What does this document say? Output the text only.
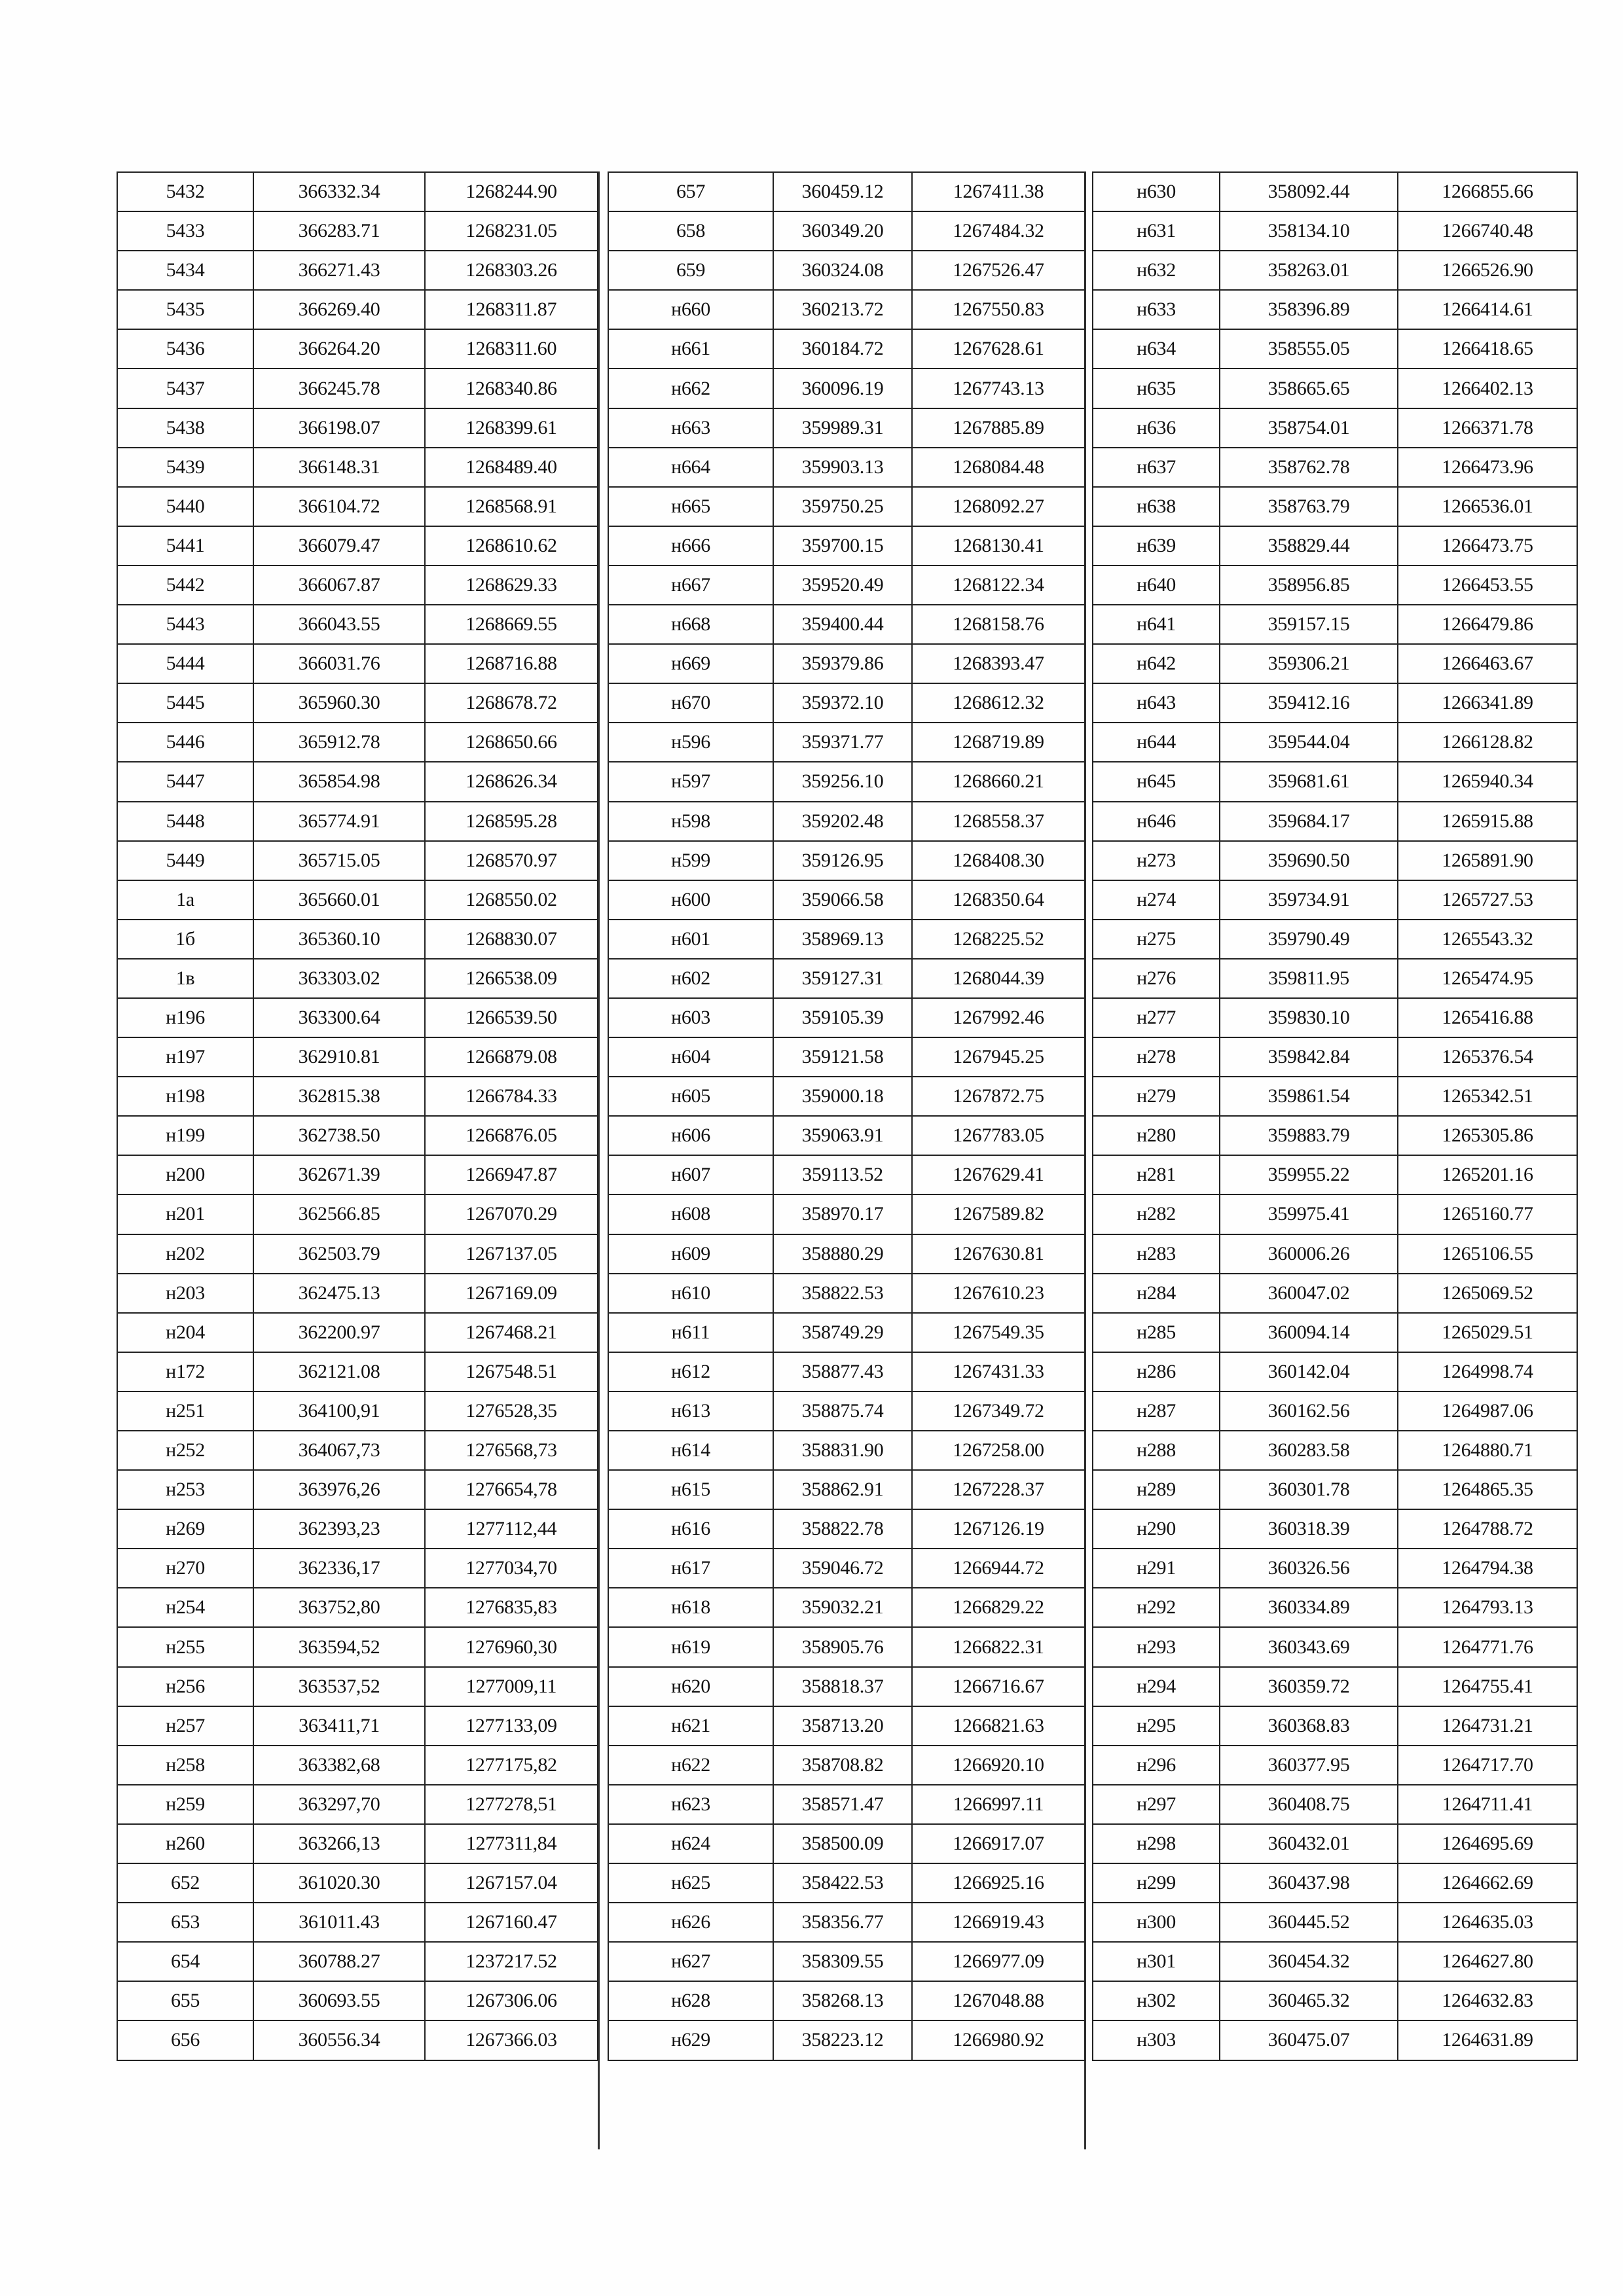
5432	366332.34	1268244.90
5433	366283.71	1268231.05
5434	366271.43	1268303.26
5435	366269.40	1268311.87
5436	366264.20	1268311.60
5437	366245.78	1268340.86
5438	366198.07	1268399.61
5439	366148.31	1268489.40
5440	366104.72	1268568.91
5441	366079.47	1268610.62
5442	366067.87	1268629.33
5443	366043.55	1268669.55
5444	366031.76	1268716.88
5445	365960.30	1268678.72
5446	365912.78	1268650.66
5447	365854.98	1268626.34
5448	365774.91	1268595.28
5449	365715.05	1268570.97
1а	365660.01	1268550.02
1б	365360.10	1268830.07
1в	363303.02	1266538.09
н196	363300.64	1266539.50
н197	362910.81	1266879.08
н198	362815.38	1266784.33
н199	362738.50	1266876.05
н200	362671.39	1266947.87
н201	362566.85	1267070.29
н202	362503.79	1267137.05
н203	362475.13	1267169.09
н204	362200.97	1267468.21
н172	362121.08	1267548.51
н251	364100,91	1276528,35
н252	364067,73	1276568,73
н253	363976,26	1276654,78
н269	362393,23	1277112,44
н270	362336,17	1277034,70
н254	363752,80	1276835,83
н255	363594,52	1276960,30
н256	363537,52	1277009,11
н257	363411,71	1277133,09
н258	363382,68	1277175,82
н259	363297,70	1277278,51
н260	363266,13	1277311,84
652	361020.30	1267157.04
653	361011.43	1267160.47
654	360788.27	1237217.52
655	360693.55	1267306.06
656	360556.34	1267366.03
657	360459.12	1267411.38
658	360349.20	1267484.32
659	360324.08	1267526.47
н660	360213.72	1267550.83
н661	360184.72	1267628.61
н662	360096.19	1267743.13
н663	359989.31	1267885.89
н664	359903.13	1268084.48
н665	359750.25	1268092.27
н666	359700.15	1268130.41
н667	359520.49	1268122.34
н668	359400.44	1268158.76
н669	359379.86	1268393.47
н670	359372.10	1268612.32
н596	359371.77	1268719.89
н597	359256.10	1268660.21
н598	359202.48	1268558.37
н599	359126.95	1268408.30
н600	359066.58	1268350.64
н601	358969.13	1268225.52
н602	359127.31	1268044.39
н603	359105.39	1267992.46
н604	359121.58	1267945.25
н605	359000.18	1267872.75
н606	359063.91	1267783.05
н607	359113.52	1267629.41
н608	358970.17	1267589.82
н609	358880.29	1267630.81
н610	358822.53	1267610.23
н611	358749.29	1267549.35
н612	358877.43	1267431.33
н613	358875.74	1267349.72
н614	358831.90	1267258.00
н615	358862.91	1267228.37
н616	358822.78	1267126.19
н617	359046.72	1266944.72
н618	359032.21	1266829.22
н619	358905.76	1266822.31
н620	358818.37	1266716.67
н621	358713.20	1266821.63
н622	358708.82	1266920.10
н623	358571.47	1266997.11
н624	358500.09	1266917.07
н625	358422.53	1266925.16
н626	358356.77	1266919.43
н627	358309.55	1266977.09
н628	358268.13	1267048.88
н629	358223.12	1266980.92
н630	358092.44	1266855.66
н631	358134.10	1266740.48
н632	358263.01	1266526.90
н633	358396.89	1266414.61
н634	358555.05	1266418.65
н635	358665.65	1266402.13
н636	358754.01	1266371.78
н637	358762.78	1266473.96
н638	358763.79	1266536.01
н639	358829.44	1266473.75
н640	358956.85	1266453.55
н641	359157.15	1266479.86
н642	359306.21	1266463.67
н643	359412.16	1266341.89
н644	359544.04	1266128.82
н645	359681.61	1265940.34
н646	359684.17	1265915.88
н273	359690.50	1265891.90
н274	359734.91	1265727.53
н275	359790.49	1265543.32
н276	359811.95	1265474.95
н277	359830.10	1265416.88
н278	359842.84	1265376.54
н279	359861.54	1265342.51
н280	359883.79	1265305.86
н281	359955.22	1265201.16
н282	359975.41	1265160.77
н283	360006.26	1265106.55
н284	360047.02	1265069.52
н285	360094.14	1265029.51
н286	360142.04	1264998.74
н287	360162.56	1264987.06
н288	360283.58	1264880.71
н289	360301.78	1264865.35
н290	360318.39	1264788.72
н291	360326.56	1264794.38
н292	360334.89	1264793.13
н293	360343.69	1264771.76
н294	360359.72	1264755.41
н295	360368.83	1264731.21
н296	360377.95	1264717.70
н297	360408.75	1264711.41
н298	360432.01	1264695.69
н299	360437.98	1264662.69
н300	360445.52	1264635.03
н301	360454.32	1264627.80
н302	360465.32	1264632.83
н303	360475.07	1264631.89
